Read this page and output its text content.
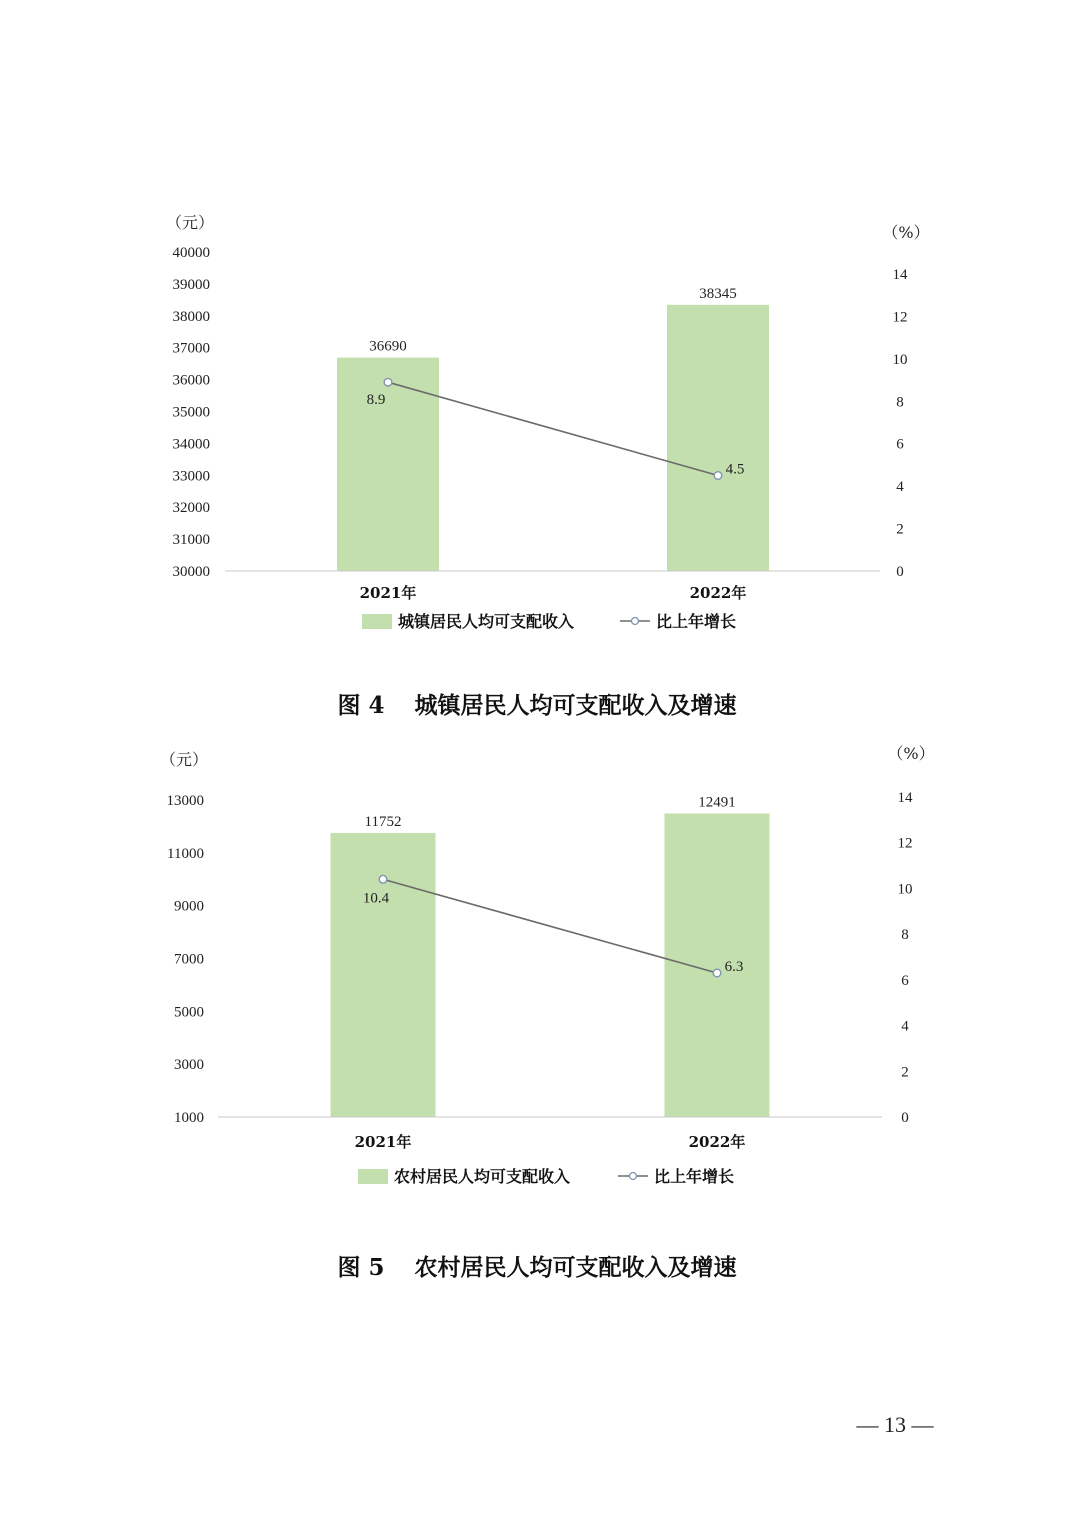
（元）
（%）
30000
31000
32000
33000
34000
35000
36000
37000
38000
39000
40000
0
2
4
6
8
10
12
14
36690
38345
2021年	2022年
8.9
4.5
城镇居民人均可支配收入	比上年增长
图 4 城镇居民人均可支配收入及增速
（元）	（%）
1000
3000
5000
7000
9000
11000
13000
0
2
4
6
8
10
12
14
11752
12491
2021年	2022年
10.4
6.3
农村居民人均可支配收入	比上年增长
图 5 农村居民人均可支配收入及增速
— 13 —
